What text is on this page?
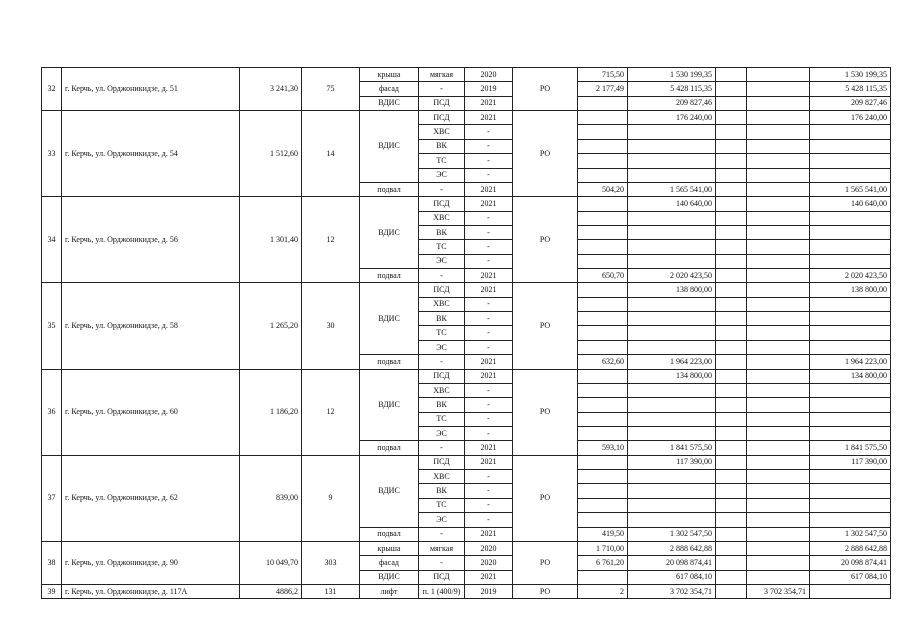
32	г. Керчь, ул. Орджоникидзе, д. 51	3 241,30	75	крыша	мягкая	2020	РО	715,50	1 530 199,35			1 530 199,35
				фасад	-	2019		2 177,49	5 428 115,35			5 428 115,35
				ВДИС	ПСД	2021			209 827,46			209 827,46
33	г. Керчь, ул. Орджоникидзе, д. 54	1 512,60	14	ВДИС	ПСД	2021	РО		176 240,00			176 240,00
					ХВС	-						
					ВК	-						
					ТС	-						
					ЭС	-						
				подвал	-	2021		504,20	1 565 541,00			1 565 541,00
34	г. Керчь, ул. Орджоникидзе, д. 56	1 301,40	12	ВДИС	ПСД	2021	РО		140 640,00			140 640,00
					ХВС	-						
					ВК	-						
					ТС	-						
					ЭС	-						
				подвал	-	2021		650,70	2 020 423,50			2 020 423,50
35	г. Керчь, ул. Орджоникидзе, д. 58	1 265,20	30	ВДИС	ПСД	2021	РО		138 800,00			138 800,00
					ХВС	-						
					ВК	-						
					ТС	-						
					ЭС	-						
				подвал	-	2021		632,60	1 964 223,00			1 964 223,00
36	г. Керчь, ул. Орджоникидзе, д. 60	1 186,20	12	ВДИС	ПСД	2021	РО		134 800,00			134 800,00
					ХВС	-						
					ВК	-						
					ТС	-						
					ЭС	-						
				подвал	-	2021		593,10	1 841 575,50			1 841 575,50
37	г. Керчь, ул. Орджоникидзе, д. 62	839,00	9	ВДИС	ПСД	2021	РО		117 390,00			117 390,00
					ХВС	-						
					ВК	-						
					ТС	-						
					ЭС	-						
				подвал	-	2021		419,50	1 302 547,50			1 302 547,50
38	г. Керчь, ул. Орджоникидзе, д. 90	10 049,70	303	крыша	мягкая	2020	РО	1 710,00	2 888 642,88			2 888 642,88
				фасад	-	2020		6 761,20	20 098 874,41			20 098 874,41
				ВДИС	ПСД	2021			617 084,10			617 084,10
39	г. Керчь, ул. Орджоникидзе, д. 117А	4886,2	131	лифт	п. 1 (400/9)	2019	РО	2	3 702 354,71		3 702 354,71	
